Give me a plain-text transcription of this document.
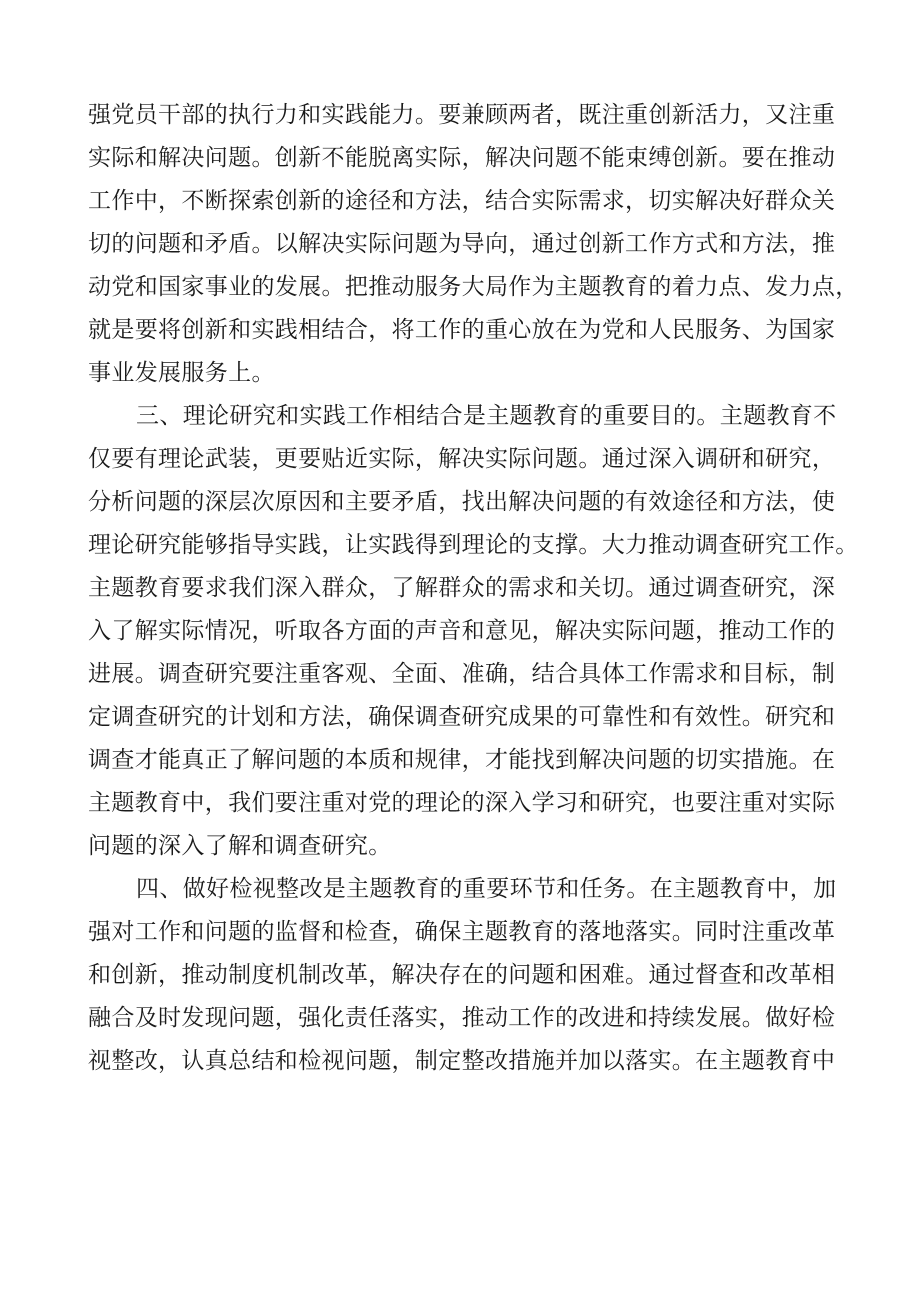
强党员干部的执行力和实践能力。要兼顾两者，既注重创新活力，又注重
实际和解决问题。创新不能脱离实际，解决问题不能束缚创新。要在推动
工作中，不断探索创新的途径和方法，结合实际需求，切实解决好群众关
切的问题和矛盾。以解决实际问题为导向，通过创新工作方式和方法，推
动党和国家事业的发展。把推动服务大局作为主题教育的着力点、发力点，
就是要将创新和实践相结合，将工作的重心放在为党和人民服务、为国家
事业发展服务上。
三、理论研究和实践工作相结合是主题教育的重要目的。主题教育不
仅要有理论武装，更要贴近实际，解决实际问题。通过深入调研和研究，
分析问题的深层次原因和主要矛盾，找出解决问题的有效途径和方法，使
理论研究能够指导实践，让实践得到理论的支撑。大力推动调查研究工作。
主题教育要求我们深入群众，了解群众的需求和关切。通过调查研究，深
入了解实际情况，听取各方面的声音和意见，解决实际问题，推动工作的
进展。调查研究要注重客观、全面、准确，结合具体工作需求和目标，制
定调查研究的计划和方法，确保调查研究成果的可靠性和有效性。研究和
调查才能真正了解问题的本质和规律，才能找到解决问题的切实措施。在
主题教育中，我们要注重对党的理论的深入学习和研究，也要注重对实际
问题的深入了解和调查研究。
四、做好检视整改是主题教育的重要环节和任务。在主题教育中，加
强对工作和问题的监督和检查，确保主题教育的落地落实。同时注重改革
和创新，推动制度机制改革，解决存在的问题和困难。通过督查和改革相
融合及时发现问题，强化责任落实，推动工作的改进和持续发展。做好检
视整改，认真总结和检视问题，制定整改措施并加以落实。在主题教育中
